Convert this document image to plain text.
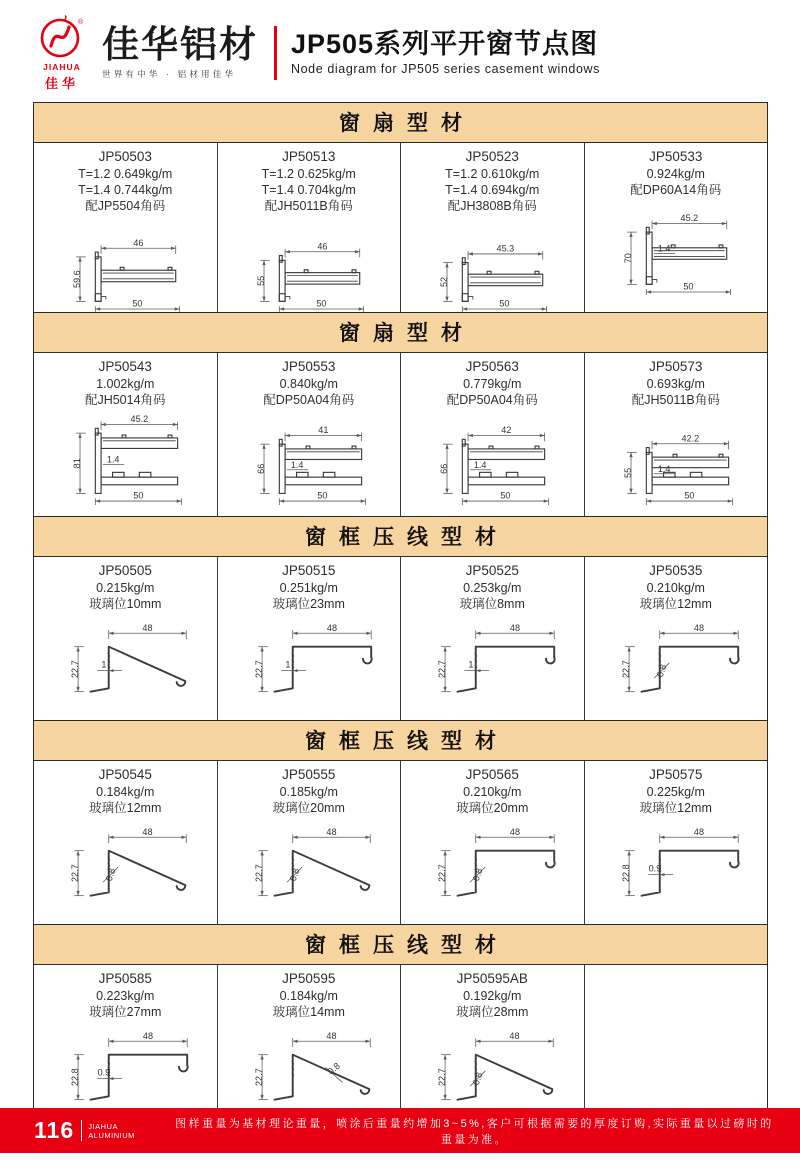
®
JIAHUA
佳华
佳华铝材
世界有中华 · 铝材用佳华
JP505系列平开窗节点图
Node diagram for JP505 series casement windows
窗扇型材
JP50503
T=1.2 0.649kg/m
T=1.4 0.744kg/m
配JP5504角码
46
59.6
50
JP50513
T=1.2 0.625kg/m
T=1.4 0.704kg/m
配JH5011B角码
46
55
50
JP50523
T=1.2 0.610kg/m
T=1.4 0.694kg/m
配JH3808B角码
45.3
52
50
JP50533
0.924kg/m
配DP60A14角码
45.2
70
50
1.4
窗扇型材
JP50543
1.002kg/m
配JH5014角码
45.2
81
50
1.4
JP50553
0.840kg/m
配DP50A04角码
41
66
50
1.4
JP50563
0.779kg/m
配DP50A04角码
42
66
50
1.4
JP50573
0.693kg/m
配JH5011B角码
42.2
55
50
1.4
窗框压线型材
JP50505
0.215kg/m
玻璃位10mm
48
22.7 1
JP50515
0.251kg/m
玻璃位23mm
48
22.7 1
JP50525
0.253kg/m
玻璃位8mm
48
22.7 1
JP50535
0.210kg/m
玻璃位12mm
48
22.7	0.8
窗框压线型材
JP50545
0.184kg/m
玻璃位12mm
48
22.7	0.8
JP50555
0.185kg/m
玻璃位20mm
48
22.7	0.8
JP50565
0.210kg/m
玻璃位20mm
48
22.7	0.8
JP50575
0.225kg/m
玻璃位12mm
48
22.8 0.9
窗框压线型材
JP50585
0.223kg/m
玻璃位27mm
48
22.8 0.9
JP50595
0.184kg/m
玻璃位14mm
48
22.7	0.8
JP50595AB
0.192kg/m
玻璃位28mm
48
22.7	0.8
116 JIAHUA
ALUMINIUM
图样重量为基材理论重量，喷涂后重量约增加3~5%,客户可根据需要的厚度订购,实际重量以过磅时的重量为准。
